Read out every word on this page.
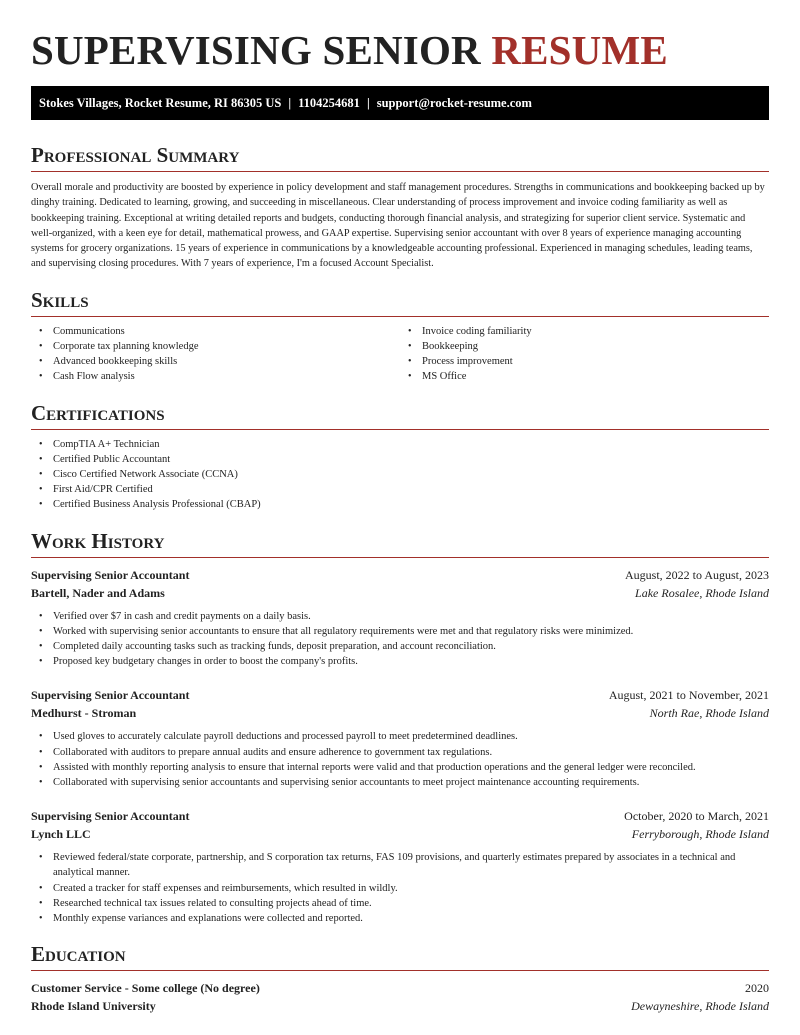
SUPERVISING SENIOR RESUME
Stokes Villages, Rocket Resume, RI 86305 US | 1104254681 | support@rocket-resume.com
Professional Summary

Overall morale and productivity are boosted by experience in policy development and staff management procedures. Strengths in communications and bookkeeping backed up by dinghy training. Dedicated to learning, growing, and succeeding in miscellaneous. Clear understanding of process improvement and invoice coding familiarity as well as bookkeeping training. Exceptional at writing detailed reports and budgets, conducting thorough financial analysis, and strategizing for superior client service. Systematic and well-organized, with a keen eye for detail, mathematical prowess, and GAAP expertise. Supervising senior accountant with over 8 years of experience managing accounting systems for grocery organizations. 15 years of experience in communications by a knowledgeable accounting professional. Experienced in managing schedules, leading teams, and supervising closing procedures. With 7 years of experience, I'm a focused Account Specialist.

Skills
• Communications
• Corporate tax planning knowledge
• Advanced bookkeeping skills
• Cash Flow analysis
• Invoice coding familiarity
• Bookkeeping
• Process improvement
• MS Office
Certifications
• CompTIA A+ Technician
• Certified Public Accountant
• Cisco Certified Network Associate (CCNA)
• First Aid/CPR Certified
• Certified Business Analysis Professional (CBAP)
Work History
Supervising Senior Accountant	August, 2022 to August, 2023
Bartell, Nader and Adams	Lake Rosalee, Rhode Island
• Verified over $7 in cash and credit payments on a daily basis.
• Worked with supervising senior accountants to ensure that all regulatory requirements were met and that regulatory risks were minimized.
• Completed daily accounting tasks such as tracking funds, deposit preparation, and account reconciliation.
• Proposed key budgetary changes in order to boost the company's profits.
Supervising Senior Accountant	August, 2021 to November, 2021
Medhurst - Stroman	North Rae, Rhode Island
• Used gloves to accurately calculate payroll deductions and processed payroll to meet predetermined deadlines.
• Collaborated with auditors to prepare annual audits and ensure adherence to government tax regulations.
• Assisted with monthly reporting analysis to ensure that internal reports were valid and that production operations and the general ledger were reconciled.
• Collaborated with supervising senior accountants and supervising senior accountants to meet project maintenance accounting requirements.
Supervising Senior Accountant	October, 2020 to March, 2021
Lynch LLC	Ferryborough, Rhode Island
• Reviewed federal/state corporate, partnership, and S corporation tax returns, FAS 109 provisions, and quarterly estimates prepared by associates in a technical and analytical manner.
• Created a tracker for staff expenses and reimbursements, which resulted in wildly.
• Researched technical tax issues related to consulting projects ahead of time.
• Monthly expense variances and explanations were collected and reported.
Education
Customer Service - Some college (No degree)	2020
Rhode Island University	Dewayneshire, Rhode Island
